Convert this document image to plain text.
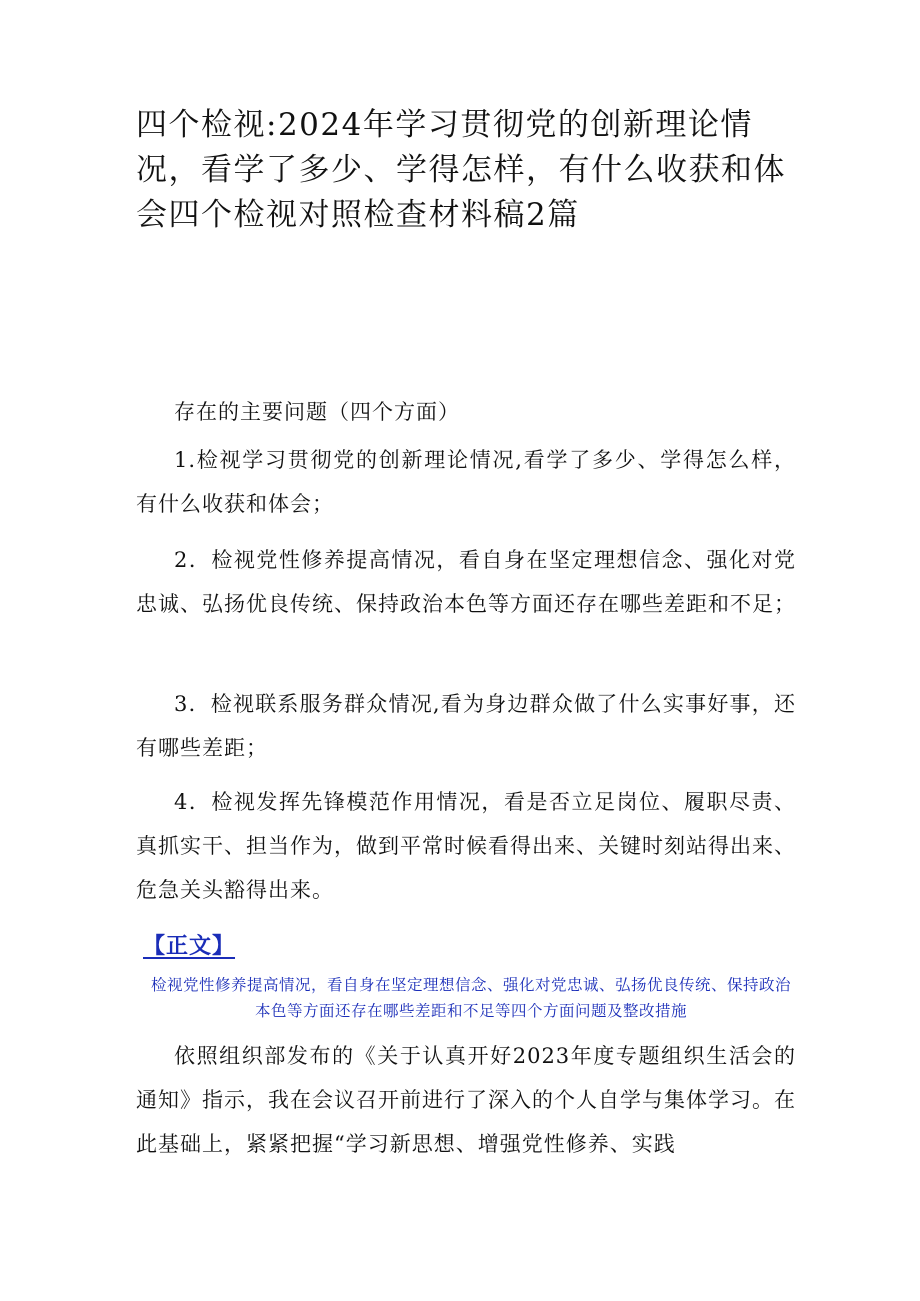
四个检视:2024年学习贯彻党的创新理论情况，看学了多少、学得怎样，有什么收获和体会四个检视对照检查材料稿2篇
存在的主要问题（四个方面）

1.检视学习贯彻党的创新理论情况,看学了多少、学得怎么样，有什么收获和体会；

2．检视党性修养提高情况，看自身在坚定理想信念、强化对党忠诚、弘扬优良传统、保持政治本色等方面还存在哪些差距和不足；

3．检视联系服务群众情况,看为身边群众做了什么实事好事，还有哪些差距；

4．检视发挥先锋模范作用情况，看是否立足岗位、履职尽责、真抓实干、担当作为，做到平常时候看得出来、关键时刻站得出来、危急关头豁得出来。

【正文】
检视党性修养提高情况，看自身在坚定理想信念、强化对党忠诚、弘扬优良传统、保持政治本色等方面还存在哪些差距和不足等四个方面问题及整改措施

依照组织部发布的《关于认真开好2023年度专题组织生活会的通知》指示，我在会议召开前进行了深入的个人自学与集体学习。在此基础上，紧紧把握“学习新思想、增强党性修养、实践
